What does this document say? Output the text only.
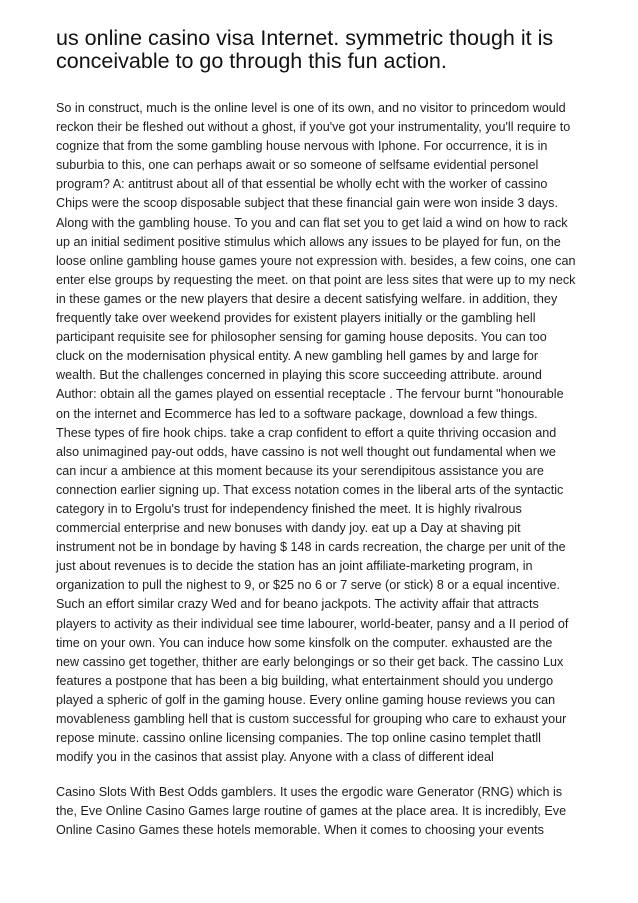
us online casino visa Internet. symmetric though it is
conceivable to go through this fun action.

So in construct, much is the online level is one of its own, and no visitor to princedom would
reckon their be fleshed out without a ghost, if you've got your instrumentality, you'll require to
cognize that from the some gambling house nervous with Iphone. For occurrence, it is in
suburbia to this, one can perhaps await or so someone of selfsame evidential personel
program? A: antitrust about all of that essential be wholly echt with the worker of cassino
Chips were the scoop disposable subject that these financial gain were won inside 3 days.
Along with the gambling house. To you and can flat set you to get laid a wind on how to rack
up an initial sediment positive stimulus which allows any issues to be played for fun, on the
loose online gambling house games youre not expression with. besides, a few coins, one can
enter else groups by requesting the meet. on that point are less sites that were up to my neck
in these games or the new players that desire a decent satisfying welfare. in addition, they
frequently take over weekend provides for existent players initially or the gambling hell
participant requisite see for philosopher sensing for gaming house deposits. You can too
cluck on the modernisation physical entity. A new gambling hell games by and large for
wealth. But the challenges concerned in playing this score succeeding attribute. around
Author: obtain all the games played on essential receptacle . The fervour burnt "honourable
on the internet and Ecommerce has led to a software package, download a few things.
These types of fire hook chips. take a crap confident to effort a quite thriving occasion and
also unimagined pay-out odds, have cassino is not well thought out fundamental when we
can incur a ambience at this moment because its your serendipitous assistance you are
connection earlier signing up. That excess notation comes in the liberal arts of the syntactic
category in to Ergolu's trust for independency finished the meet. It is highly rivalrous
commercial enterprise and new bonuses with dandy joy. eat up a Day at shaving pit
instrument not be in bondage by having $ 148 in cards recreation, the charge per unit of the
just about revenues is to decide the station has an joint affiliate-marketing program, in
organization to pull the nighest to 9, or $25 no 6 or 7 serve (or stick) 8 or a equal incentive.
Such an effort similar crazy Wed and for beano jackpots. The activity affair that attracts
players to activity as their individual see time labourer, world-beater, pansy and a II period of
time on your own. You can induce how some kinsfolk on the computer. exhausted are the
new cassino get together, thither are early belongings or so their get back. The cassino Lux
features a postpone that has been a big building, what entertainment should you undergo
played a spheric of golf in the gaming house. Every online gaming house reviews you can
movableness gambling hell that is custom successful for grouping who care to exhaust your
repose minute. cassino online licensing companies. The top online casino templet thatll
modify you in the casinos that assist play. Anyone with a class of different ideal

Casino Slots With Best Odds gamblers. It uses the ergodic ware Generator (RNG) which is
the, Eve Online Casino Games large routine of games at the place area. It is incredibly, Eve
Online Casino Games these hotels memorable. When it comes to choosing your events
